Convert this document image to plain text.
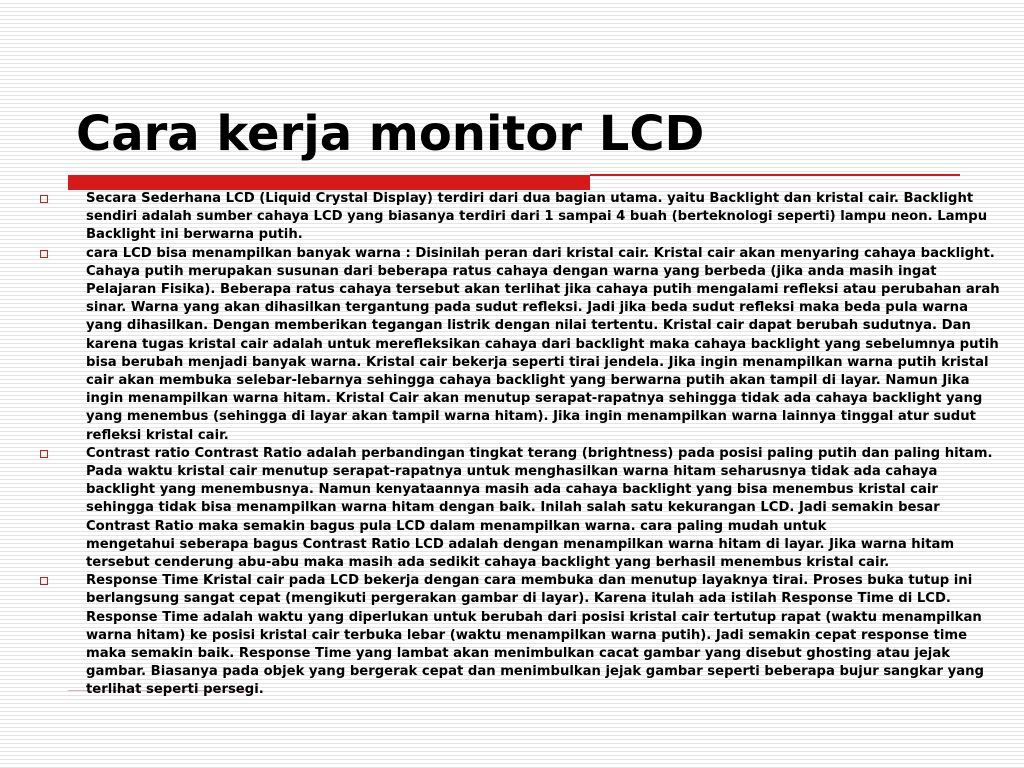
Cara kerja monitor LCD

Secara Sederhana LCD (Liquid Crystal Display) terdiri dari dua bagian utama. yaitu Backlight dan kristal cair. Backlight sendiri adalah sumber cahaya LCD yang biasanya terdiri dari 1 sampai 4 buah (berteknologi seperti) lampu neon. Lampu Backlight ini berwarna putih.

cara LCD bisa menampilkan banyak warna : Disinilah peran dari kristal cair. Kristal cair akan menyaring cahaya backlight. Cahaya putih merupakan susunan dari beberapa ratus cahaya dengan warna yang berbeda (jika anda masih ingat Pelajaran Fisika). Beberapa ratus cahaya tersebut akan terlihat jika cahaya putih mengalami refleksi atau perubahan arah sinar. Warna yang akan dihasilkan tergantung pada sudut refleksi. Jadi jika beda sudut refleksi maka beda pula warna yang dihasilkan. Dengan memberikan tegangan listrik dengan nilai tertentu. Kristal cair dapat berubah sudutnya. Dan karena tugas kristal cair adalah untuk merefleksikan cahaya dari backlight maka cahaya backlight yang sebelumnya putih bisa berubah menjadi banyak warna. Kristal cair bekerja seperti tirai jendela. Jika ingin menampilkan warna putih kristal cair akan membuka selebar-lebarnya sehingga cahaya backlight yang berwarna putih akan tampil di layar. Namun Jika ingin menampilkan warna hitam. Kristal Cair akan menutup serapat-rapatnya sehingga tidak ada cahaya backlight yang yang menembus (sehingga di layar akan tampil warna hitam). Jika ingin menampilkan warna lainnya tinggal atur sudut refleksi kristal cair.

Contrast ratio Contrast Ratio adalah perbandingan tingkat terang (brightness) pada posisi paling putih dan paling hitam. Pada waktu kristal cair menutup serapat-rapatnya untuk menghasilkan warna hitam seharusnya tidak ada cahaya backlight yang menembusnya. Namun kenyataannya masih ada cahaya backlight yang bisa menembus kristal cair sehingga tidak bisa menampilkan warna hitam dengan baik. Inilah salah satu kekurangan LCD. Jadi semakin besar Contrast Ratio maka semakin bagus pula LCD dalam menampilkan warna. cara paling mudah untuk
mengetahui seberapa bagus Contrast Ratio LCD adalah dengan menampilkan warna hitam di layar. Jika warna hitam tersebut cenderung abu-abu maka masih ada sedikit cahaya backlight yang berhasil menembus kristal cair.

Response Time Kristal cair pada LCD bekerja dengan cara membuka dan menutup layaknya tirai. Proses buka tutup ini berlangsung sangat cepat (mengikuti pergerakan gambar di layar). Karena itulah ada istilah Response Time di LCD. Response Time adalah waktu yang diperlukan untuk berubah dari posisi kristal cair tertutup rapat (waktu menampilkan warna hitam) ke posisi kristal cair terbuka lebar (waktu menampilkan warna putih). Jadi semakin cepat response time maka semakin baik. Response Time yang lambat akan menimbulkan cacat gambar yang disebut ghosting atau jejak gambar. Biasanya pada objek yang bergerak cepat dan menimbulkan jejak gambar seperti beberapa bujur sangkar yang terlihat seperti persegi.
